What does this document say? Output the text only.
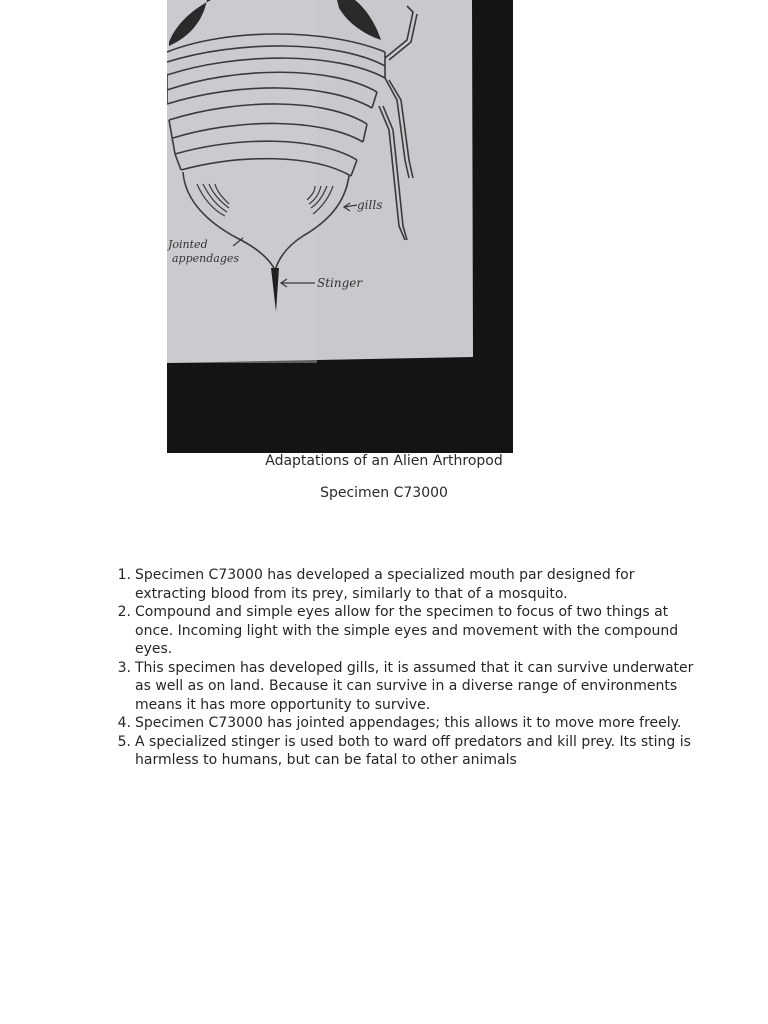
gills
Jointed
appendages
Stinger
Adaptations of an Alien Arthropod
Specimen C73000
1. Specimen C73000 has developed a specialized mouth par designed for extracting blood from its prey, similarly to that of a mosquito.
2. Compound and simple eyes allow for the specimen to focus of two things at once. Incoming light with the simple eyes and movement with the compound eyes.
3. This specimen has developed gills, it is assumed that it can survive underwater as well as on land. Because it can survive in a diverse range of environments means it has more opportunity to survive.
4. Specimen C73000 has jointed appendages; this allows it to move more freely.
5. A specialized stinger is used both to ward off predators and kill prey. Its sting is harmless to humans, but can be fatal to other animals
